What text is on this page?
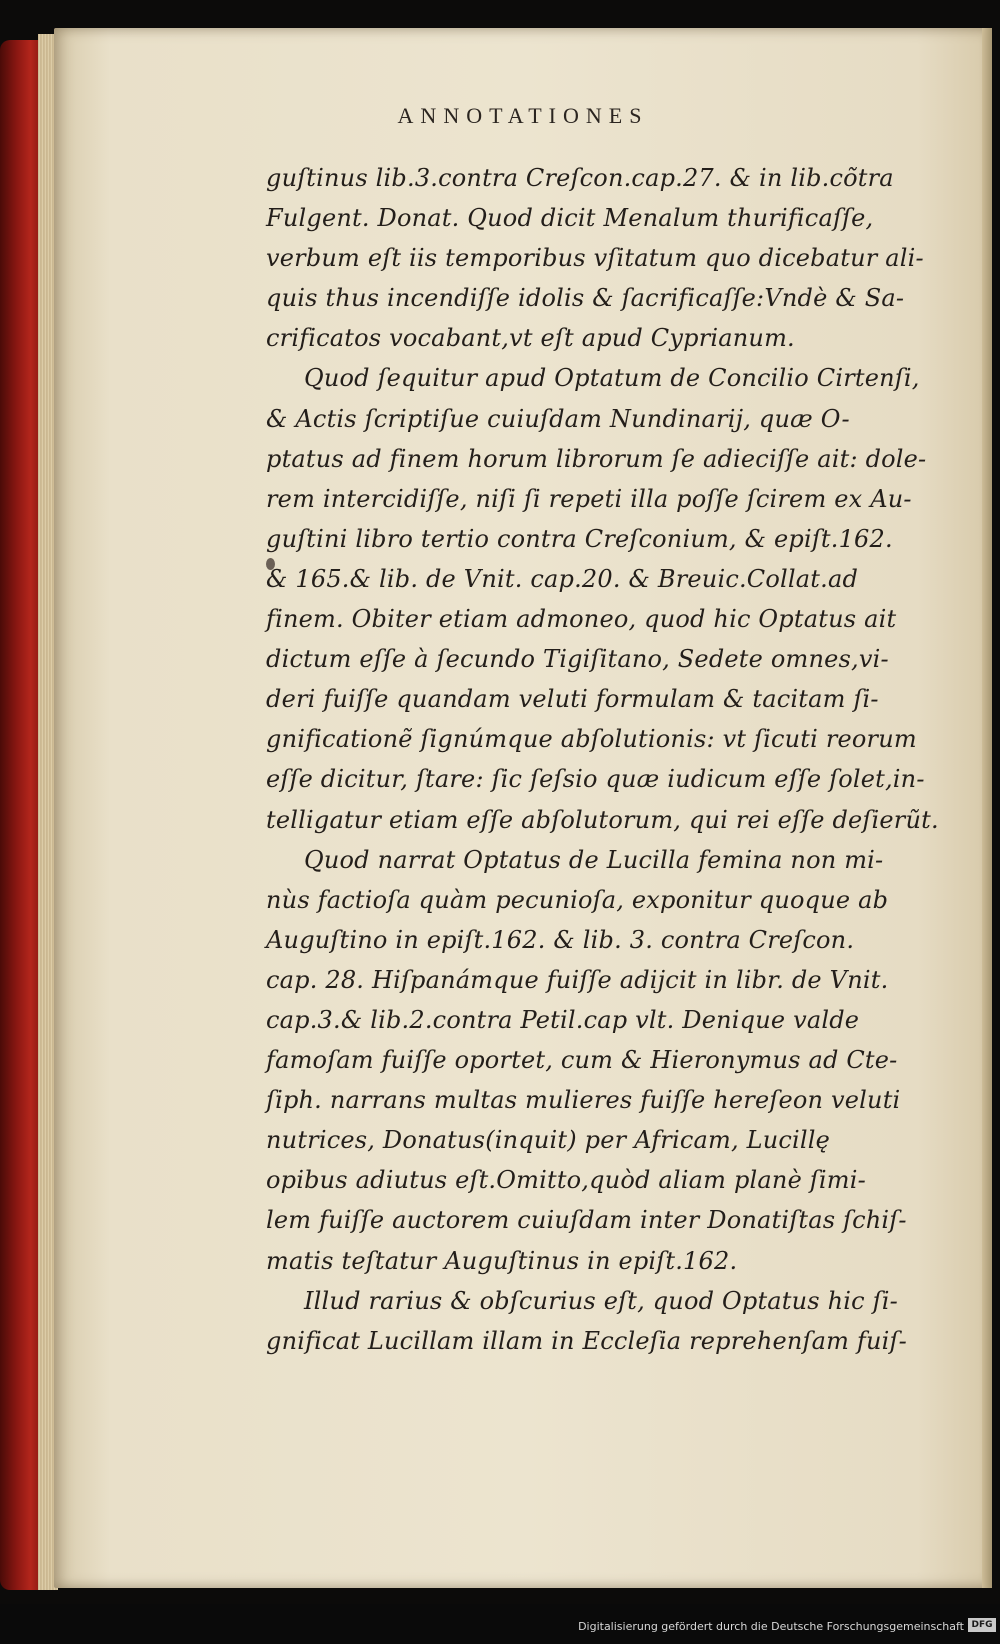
ANNOTATIONES
guſtinus lib.3.contra Creſcon.cap.27. & in lib.cõtra
Fulgent. Donat. Quod dicit Menalum thurificaſſe,
verbum eſt iis temporibus vſitatum quo dicebatur ali-
quis thus incendiſſe idolis & ſacrificaſſe:Vndè & Sa-
crificatos vocabant,vt eſt apud Cyprianum.
Quod ſequitur apud Optatum de Concilio Cirtenſi,
& Actis ſcriptiſue cuiuſdam Nundinarij, quæ O-
ptatus ad finem horum librorum ſe adieciſſe ait: dole-
rem intercidiſſe, niſi ſi repeti illa poſſe ſcirem ex Au-
guſtini libro tertio contra Creſconium, & epiſt.162.
& 165.& lib. de Vnit. cap.20. & Breuic.Collat.ad
finem. Obiter etiam admoneo, quod hic Optatus ait
dictum eſſe à ſecundo Tigiſitano, Sedete omnes,vi-
deri fuiſſe quandam veluti formulam & tacitam ſi-
gnificationẽ ſignúmque abſolutionis: vt ſicuti reorum
eſſe dicitur, ſtare: ſic ſeſsio quæ iudicum eſſe ſolet,in-
telligatur etiam eſſe abſolutorum, qui rei eſſe deſierũt.
Quod narrat Optatus de Lucilla femina non mi-
nùs factioſa quàm pecunioſa, exponitur quoque ab
Auguſtino in epiſt.162. & lib. 3. contra Creſcon.
cap. 28. Hiſpanámque fuiſſe adijcit in libr. de Vnit.
cap.3.& lib.2.contra Petil.cap vlt. Denique valde
famoſam fuiſſe oportet, cum & Hieronymus ad Cte-
ſiph. narrans multas mulieres fuiſſe hereſeon veluti
nutrices, Donatus(inquit) per Africam, Lucillę
opibus adiutus eſt.Omitto,quòd aliam planè ſimi-
lem fuiſſe auctorem cuiuſdam inter Donatiſtas ſchiſ-
matis teſtatur Auguſtinus in epiſt.162.
Illud rarius & obſcurius eſt, quod Optatus hic ſi-
gnificat Lucillam illam in Eccleſia reprehenſam fuiſ-
Digitalisierung gefördert durch die Deutsche Forschungsgemeinschaft DFG
